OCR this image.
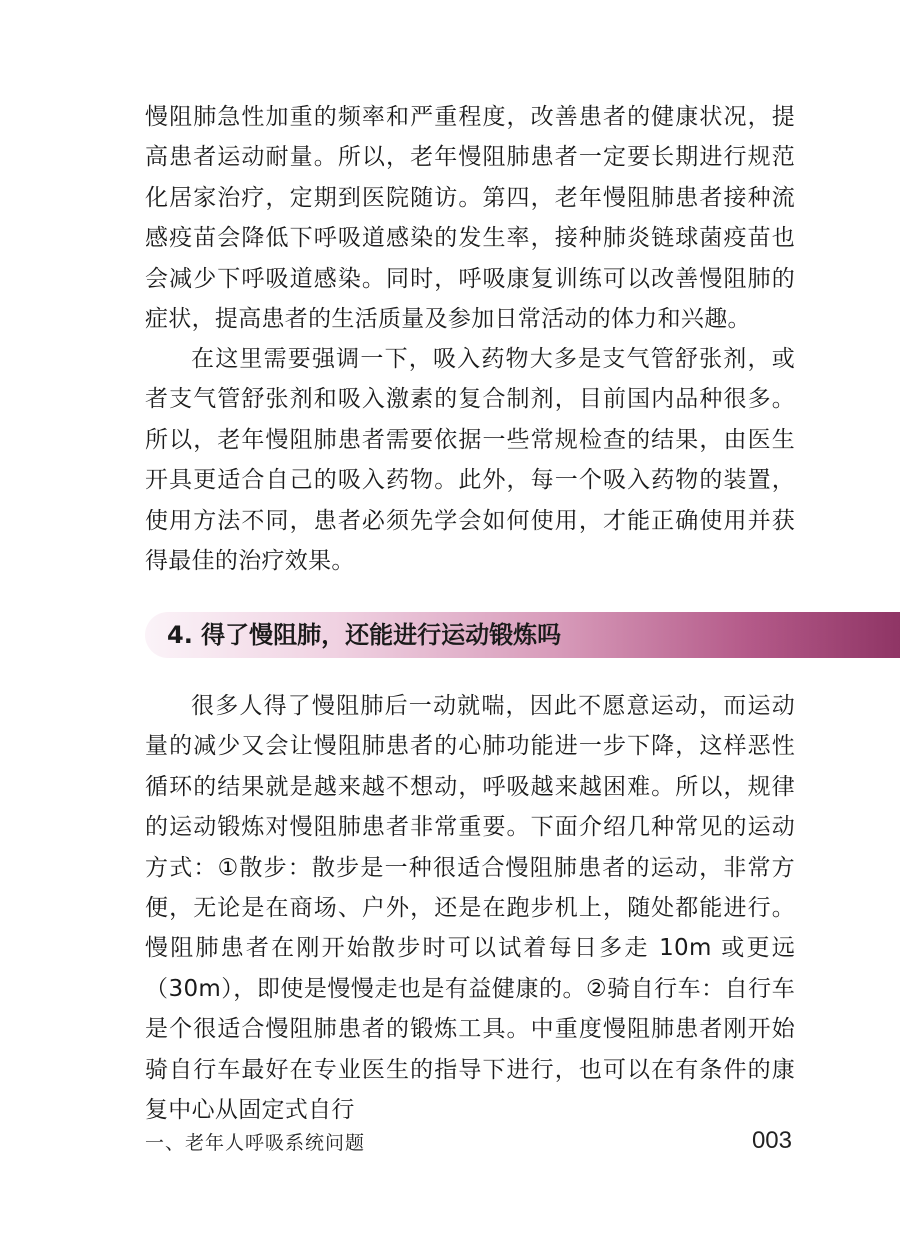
慢阻肺急性加重的频率和严重程度，改善患者的健康状况，提高患者运动耐量。所以，老年慢阻肺患者一定要长期进行规范化居家治疗，定期到医院随访。第四，老年慢阻肺患者接种流感疫苗会降低下呼吸道感染的发生率，接种肺炎链球菌疫苗也会减少下呼吸道感染。同时，呼吸康复训练可以改善慢阻肺的症状，提高患者的生活质量及参加日常活动的体力和兴趣。

在这里需要强调一下，吸入药物大多是支气管舒张剂，或者支气管舒张剂和吸入激素的复合制剂，目前国内品种很多。所以，老年慢阻肺患者需要依据一些常规检查的结果，由医生开具更适合自己的吸入药物。此外，每一个吸入药物的装置，使用方法不同，患者必须先学会如何使用，才能正确使用并获得最佳的治疗效果。

4. 得了慢阻肺，还能进行运动锻炼吗

很多人得了慢阻肺后一动就喘，因此不愿意运动，而运动量的减少又会让慢阻肺患者的心肺功能进一步下降，这样恶性循环的结果就是越来越不想动，呼吸越来越困难。所以，规律的运动锻炼对慢阻肺患者非常重要。下面介绍几种常见的运动方式：①散步：散步是一种很适合慢阻肺患者的运动，非常方便，无论是在商场、户外，还是在跑步机上，随处都能进行。慢阻肺患者在刚开始散步时可以试着每日多走 10m 或更远（30m），即使是慢慢走也是有益健康的。②骑自行车：自行车是个很适合慢阻肺患者的锻炼工具。中重度慢阻肺患者刚开始骑自行车最好在专业医生的指导下进行，也可以在有条件的康复中心从固定式自行

一、老年人呼吸系统问题	003
